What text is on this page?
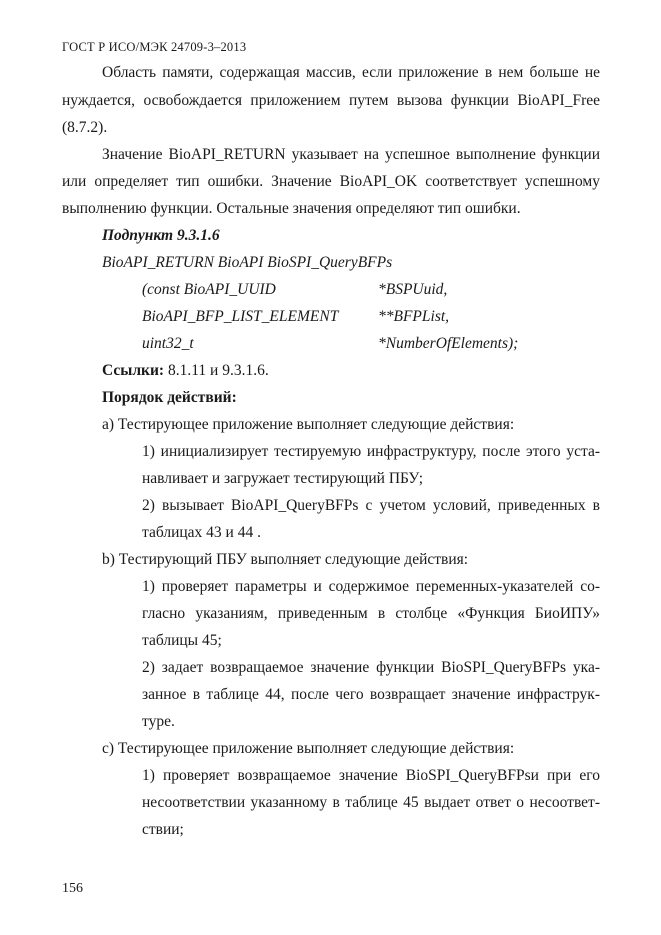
ГОСТ Р ИСО/МЭК 24709-3–2013
Область памяти, содержащая массив, если приложение в нем больше не
нуждается, освобождается приложением путем вызова функции BioAPI_Free
(8.7.2).
Значение BioAPI_RETURN указывает на успешное выполнение функции
или определяет тип ошибки. Значение BioAPI_OK соответствует успешному
выполнению функции. Остальные значения определяют тип ошибки.
Подпункт 9.3.1.6
BioAPI_RETURN BioAPI BioSPI_QueryBFPs
(const BioAPI_UUID	*BSPUuid,
BioAPI_BFP_LIST_ELEMENT	**BFPList,
uint32_t	*NumberOfElements);
Ссылки: 8.1.11 и 9.3.1.6.
Порядок действий:
a) Тестирующее приложение выполняет следующие действия:
1) инициализирует тестируемую инфраструктуру, после этого уста-
навливает и загружает тестирующий ПБУ;
2) вызывает BioAPI_QueryBFPs с учетом условий, приведенных в
таблицах 43 и 44 .
b) Тестирующий ПБУ выполняет следующие действия:
1) проверяет параметры и содержимое переменных-указателей со-
гласно указаниям, приведенным в столбце «Функция БиоИПУ»
таблицы 45;
2) задает возвращаемое значение функции BioSPI_QueryBFPs ука-
занное в таблице 44, после чего возвращает значение инфраструк-
туре.
c) Тестирующее приложение выполняет следующие действия:
1) проверяет возвращаемое значение BioSPI_QueryBFPsи при его
несоответствии указанному в таблице 45 выдает ответ о несоответ-
ствии;
156
